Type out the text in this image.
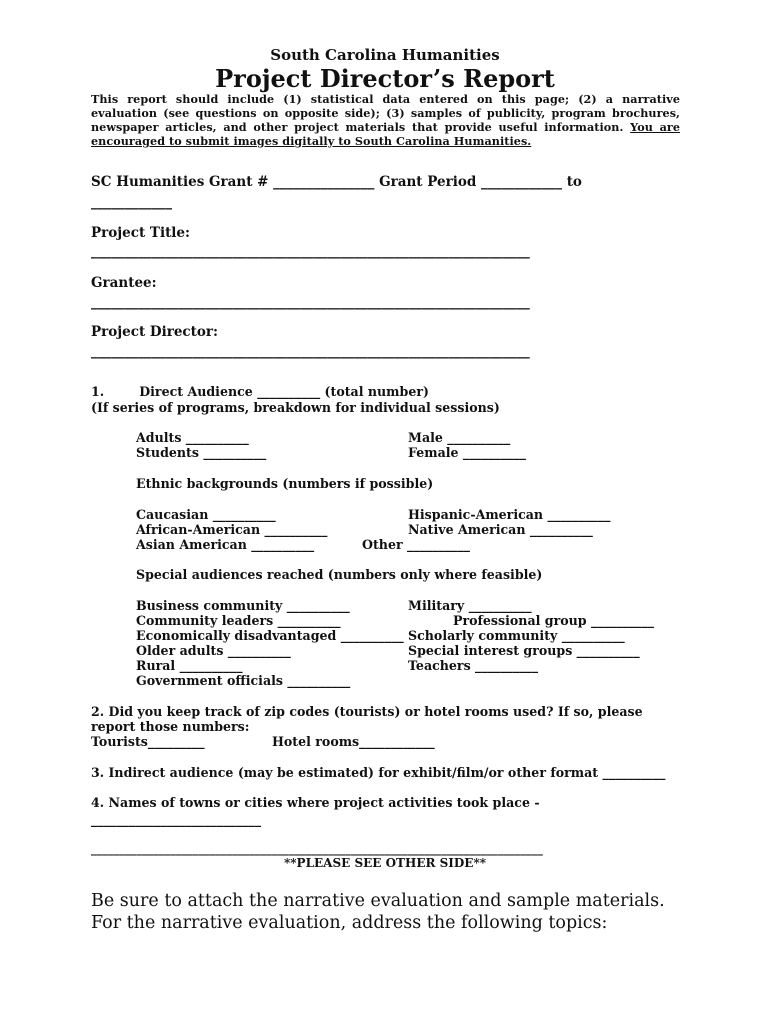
South Carolina Humanities
Project Director’s Report
This report should include (1) statistical data entered on this page; (2) a narrative evaluation (see questions on opposite side); (3) samples of publicity, program brochures, newspaper articles, and other project materials that provide useful information. You are encouraged to submit images digitally to South Carolina Humanities.
SC Humanities Grant # _______________ Grant Period ____________ to
____________
Project Title:
_________________________________________________________________
Grantee:
_________________________________________________________________
Project Director:
_________________________________________________________________
1.        Direct Audience __________ (total number)
(If series of programs, breakdown for individual sessions)
Adults __________
Students __________
Male __________
Female __________
Ethnic backgrounds (numbers if possible)
Caucasian __________
African-American __________
Asian American __________
Hispanic-American __________
Native American __________
Other __________
Special audiences reached (numbers only where feasible)
Business community __________
Community leaders __________
Economically disadvantaged __________
Older adults __________
Rural __________
Government officials __________
Military __________
Professional group __________
Scholarly community __________
Special interest groups __________
Teachers __________
2. Did you keep track of zip codes (tourists) or hotel rooms used? If so, please
report those numbers:
Tourists_________	Hotel rooms____________
3. Indirect audience (may be estimated) for exhibit/film/or other format __________
4. Names of towns or cities where project activities took place -
___________________________
________________________________________________________________________________
**PLEASE SEE OTHER SIDE**
Be sure to attach the narrative evaluation and sample materials.
For the narrative evaluation, address the following topics:
